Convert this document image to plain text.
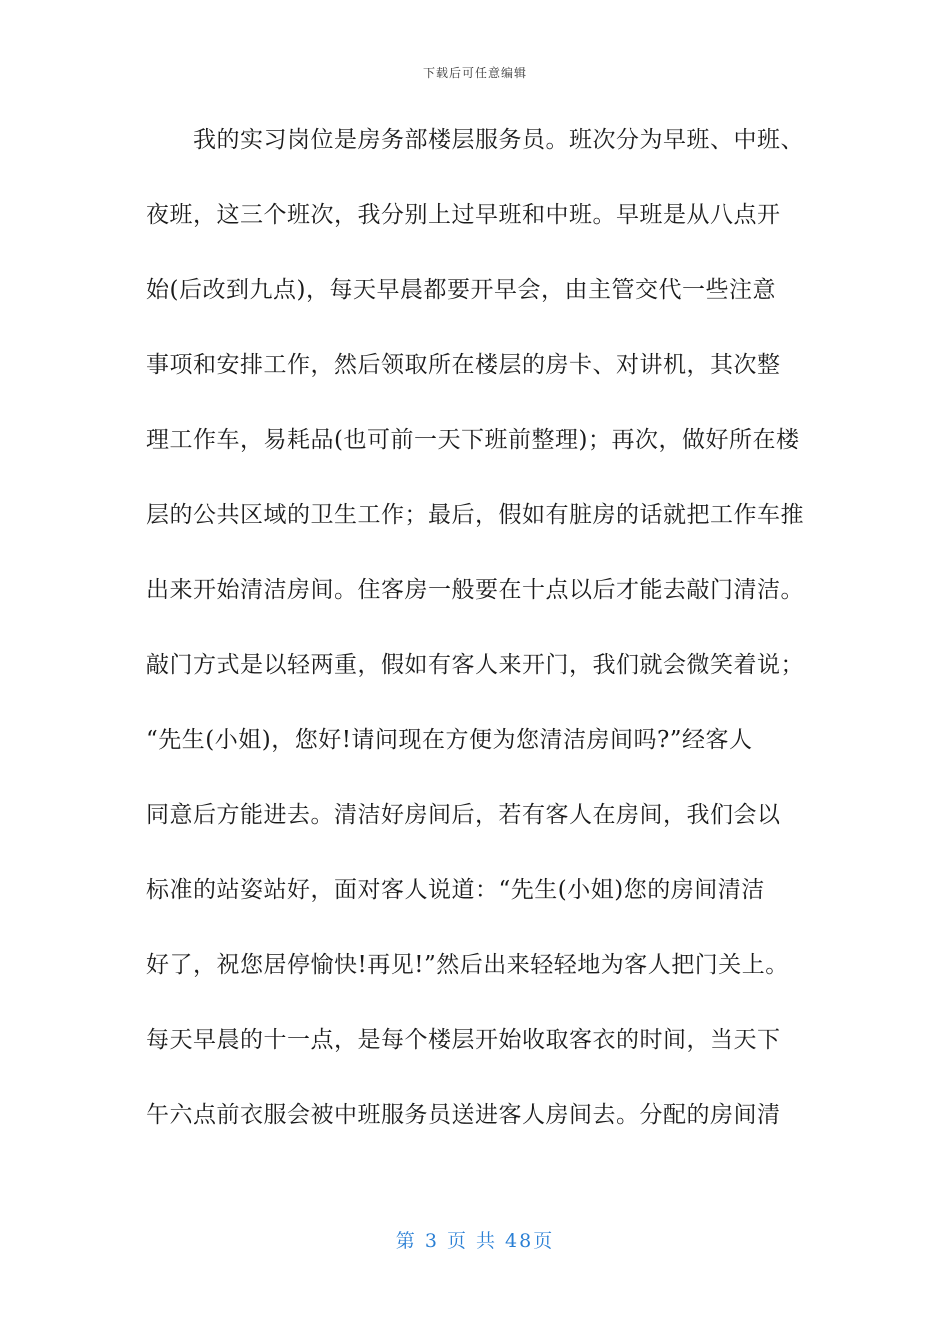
下载后可任意编辑
　　我的实习岗位是房务部楼层服务员。班次分为早班、中班、
夜班，这三个班次，我分别上过早班和中班。早班是从八点开
始(后改到九点)，每天早晨都要开早会，由主管交代一些注意
事项和安排工作，然后领取所在楼层的房卡、对讲机，其次整
理工作车，易耗品(也可前一天下班前整理)；再次，做好所在楼
层的公共区域的卫生工作；最后，假如有脏房的话就把工作车推
出来开始清洁房间。住客房一般要在十点以后才能去敲门清洁。
敲门方式是以轻两重，假如有客人来开门，我们就会微笑着说；
“先生(小姐)，您好!请问现在方便为您清洁房间吗?”经客人
同意后方能进去。清洁好房间后，若有客人在房间，我们会以
标准的站姿站好，面对客人说道：“先生(小姐)您的房间清洁
好了，祝您居停愉快!再见!”然后出来轻轻地为客人把门关上。
每天早晨的十一点，是每个楼层开始收取客衣的时间，当天下
午六点前衣服会被中班服务员送进客人房间去。分配的房间清
第 3 页 共 48页
